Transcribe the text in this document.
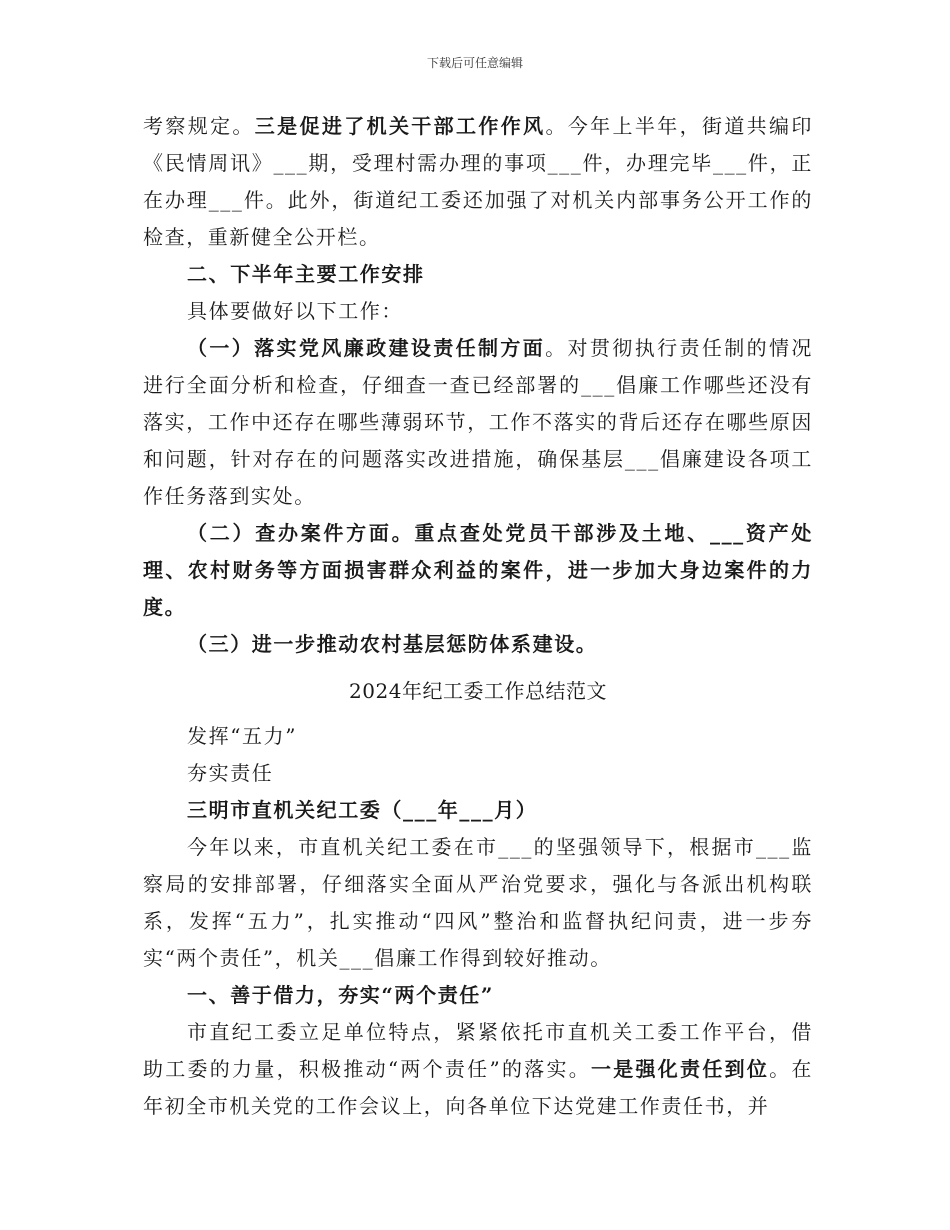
下载后可任意编辑

考察规定。三是促进了机关干部工作作风。今年上半年，街道共编印《民情周讯》___期，受理村需办理的事项___件，办理完毕___件，正在办理___件。此外，街道纪工委还加强了对机关内部事务公开工作的检查，重新健全公开栏。

二、下半年主要工作安排

具体要做好以下工作：

（一）落实党风廉政建设责任制方面。对贯彻执行责任制的情况进行全面分析和检查，仔细查一查已经部署的___倡廉工作哪些还没有落实，工作中还存在哪些薄弱环节，工作不落实的背后还存在哪些原因和问题，针对存在的问题落实改进措施，确保基层___倡廉建设各项工作任务落到实处。

（二）查办案件方面。重点查处党员干部涉及土地、___资产处理、农村财务等方面损害群众利益的案件，进一步加大身边案件的力度。

（三）进一步推动农村基层惩防体系建设。

2024年纪工委工作总结范文

发挥“五力”

夯实责任

三明市直机关纪工委（___年___月）

今年以来，市直机关纪工委在市___的坚强领导下，根据市___监察局的安排部署，仔细落实全面从严治党要求，强化与各派出机构联系，发挥“五力”，扎实推动“四风”整治和监督执纪问责，进一步夯实“两个责任”，机关___倡廉工作得到较好推动。

一、善于借力，夯实“两个责任”

市直纪工委立足单位特点，紧紧依托市直机关工委工作平台，借助工委的力量，积极推动“两个责任”的落实。一是强化责任到位。在年初全市机关党的工作会议上，向各单位下达党建工作责任书，并
